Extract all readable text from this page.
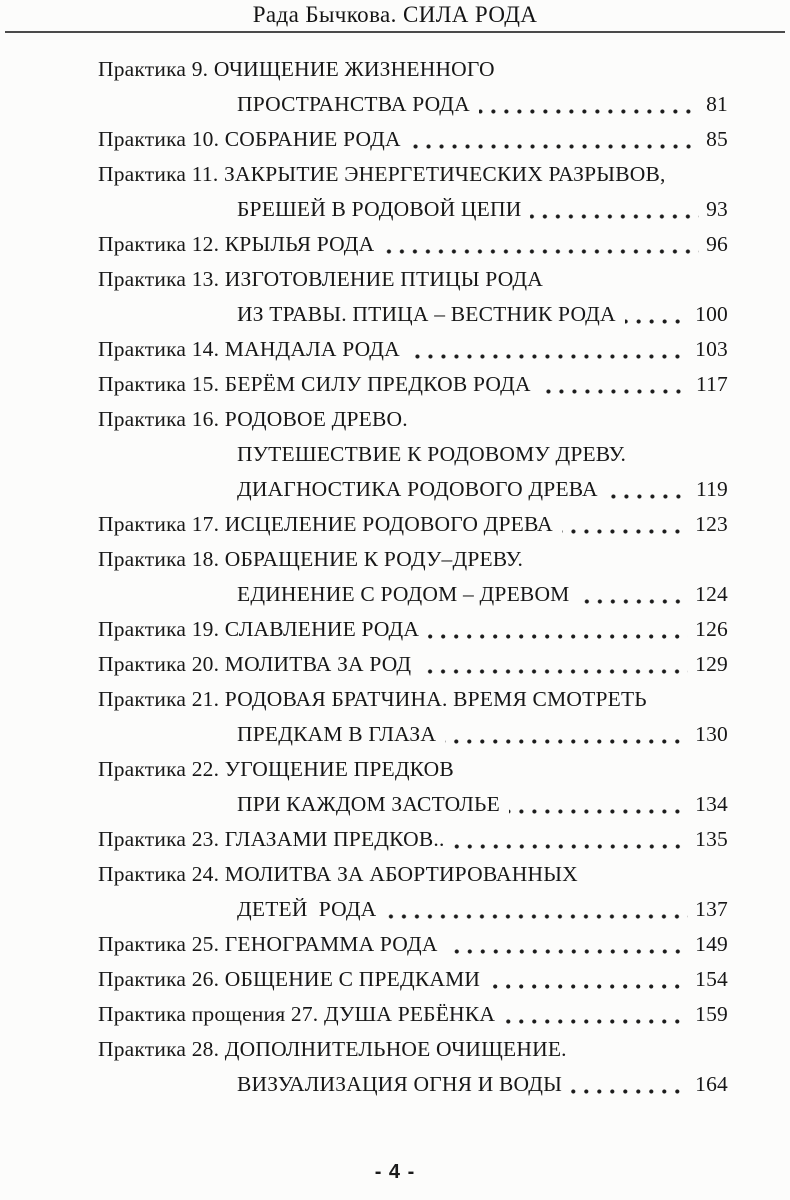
Рада Бычкова. СИЛА РОДА
Практика 9. ОЧИЩЕНИЕ ЖИЗНЕННОГО
ПРОСТРАНСТВА РОДА	81
Практика 10. СОБРАНИЕ РОДА	85
Практика 11. ЗАКРЫТИЕ ЭНЕРГЕТИЧЕСКИХ РАЗРЫВОВ,
БРЕШЕЙ В РОДОВОЙ ЦЕПИ	93
Практика 12. КРЫЛЬЯ РОДА	96
Практика 13. ИЗГОТОВЛЕНИЕ ПТИЦЫ РОДА
ИЗ ТРАВЫ. ПТИЦА – ВЕСТНИК РОДА	100
Практика 14. МАНДАЛА РОДА	103
Практика 15. БЕРЁМ СИЛУ ПРЕДКОВ РОДА	117
Практика 16. РОДОВОЕ ДРЕВО.
ПУТЕШЕСТВИЕ К РОДОВОМУ ДРЕВУ.
ДИАГНОСТИКА РОДОВОГО ДРЕВА	119
Практика 17. ИСЦЕЛЕНИЕ РОДОВОГО ДРЕВА	123
Практика 18. ОБРАЩЕНИЕ К РОДУ–ДРЕВУ.
ЕДИНЕНИЕ С РОДОМ – ДРЕВОМ	124
Практика 19. СЛАВЛЕНИЕ РОДА	126
Практика 20. МОЛИТВА ЗА РОД	129
Практика 21. РОДОВАЯ БРАТЧИНА. ВРЕМЯ СМОТРЕТЬ
ПРЕДКАМ В ГЛАЗА	130
Практика 22. УГОЩЕНИЕ ПРЕДКОВ
ПРИ КАЖДОМ ЗАСТОЛЬЕ	134
Практика 23. ГЛАЗАМИ ПРЕДКОВ..	135
Практика 24. МОЛИТВА ЗА АБОРТИРОВАННЫХ
ДЕТЕЙ  РОДА	137
Практика 25. ГЕНОГРАММА РОДА	149
Практика 26. ОБЩЕНИЕ С ПРЕДКАМИ	154
Практика прощения 27. ДУША РЕБЁНКА	159
Практика 28. ДОПОЛНИТЕЛЬНОЕ ОЧИЩЕНИЕ.
ВИЗУАЛИЗАЦИЯ ОГНЯ И ВОДЫ	164
- 4 -
